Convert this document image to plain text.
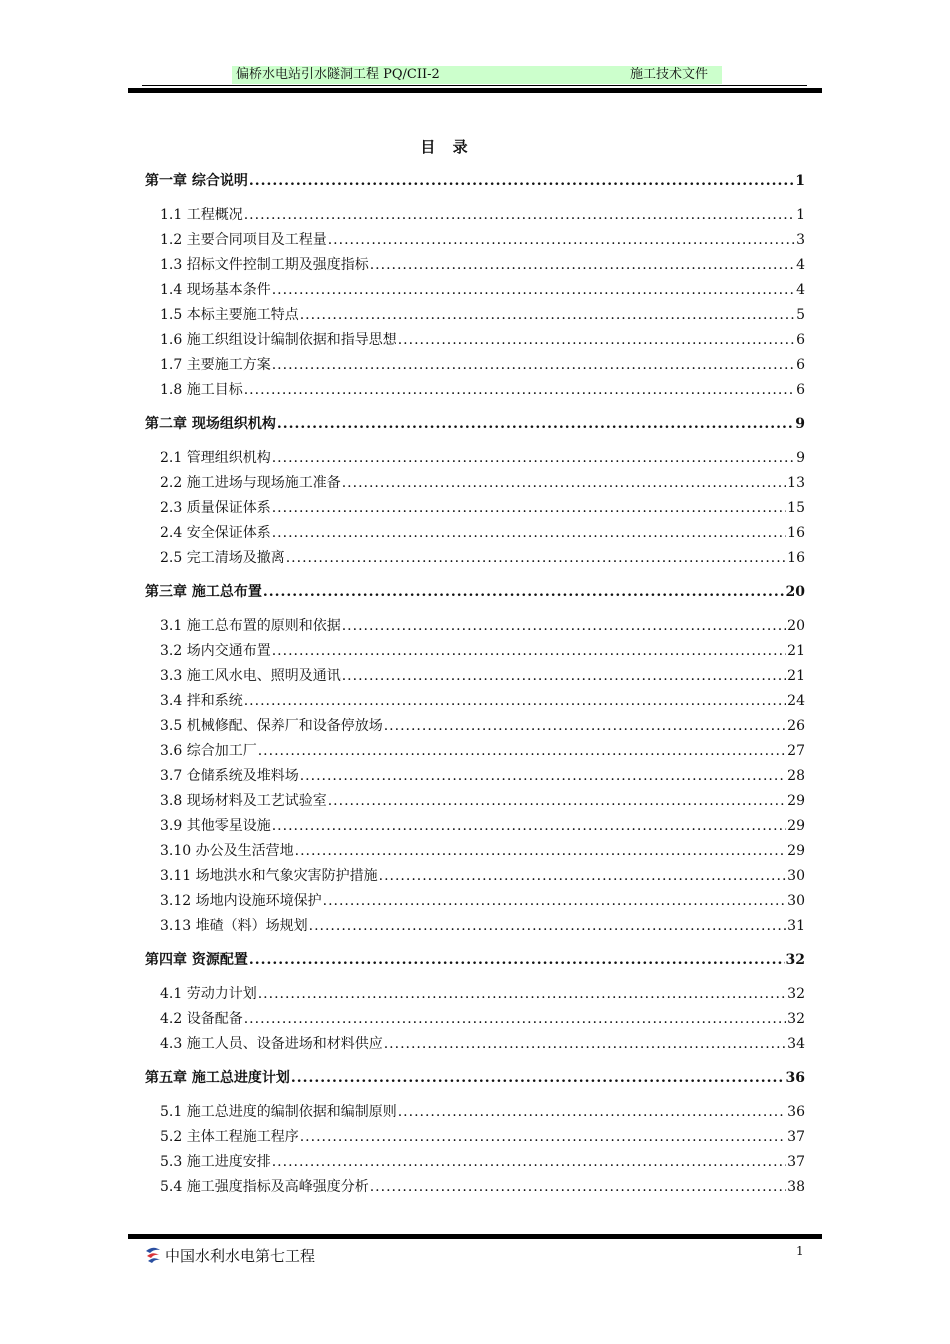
偏桥水电站引水隧洞工程 PQ/CII-2	施工技术文件
目 录
第一章 综合说明 .....	1
1.1 工程概况 .....	1
1.2 主要合同项目及工程量 .....	3
1.3 招标文件控制工期及强度指标 .....	4
1.4 现场基本条件 .....	4
1.5 本标主要施工特点 .....	5
1.6 施工织组设计编制依据和指导思想 .....	6
1.7 主要施工方案 .....	6
1.8 施工目标 .....	6
第二章 现场组织机构 .....	9
2.1 管理组织机构 .....	9
2.2 施工进场与现场施工准备 .....	13
2.3 质量保证体系 .....	15
2.4 安全保证体系 .....	16
2.5 完工清场及撤离 .....	16
第三章 施工总布置 .....	20
3.1 施工总布置的原则和依据 .....	20
3.2 场内交通布置 .....	21
3.3 施工风水电、照明及通讯 .....	21
3.4 拌和系统 .....	24
3.5 机械修配、保养厂和设备停放场 .....	26
3.6 综合加工厂 .....	27
3.7 仓储系统及堆料场 .....	28
3.8 现场材料及工艺试验室 .....	29
3.9 其他零星设施 .....	29
3.10 办公及生活营地 .....	29
3.11 场地洪水和气象灾害防护措施 .....	30
3.12 场地内设施环境保护 .....	30
3.13 堆碴（料）场规划 .....	31
第四章 资源配置 .....	32
4.1 劳动力计划 .....	32
4.2 设备配备 .....	32
4.3 施工人员、设备进场和材料供应 .....	34
第五章 施工总进度计划 .....	36
5.1 施工总进度的编制依据和编制原则 .....	36
5.2 主体工程施工程序 .....	37
5.3 施工进度安排 .....	37
5.4 施工强度指标及高峰强度分析 .....	38
中国水利水电第七工程	1
